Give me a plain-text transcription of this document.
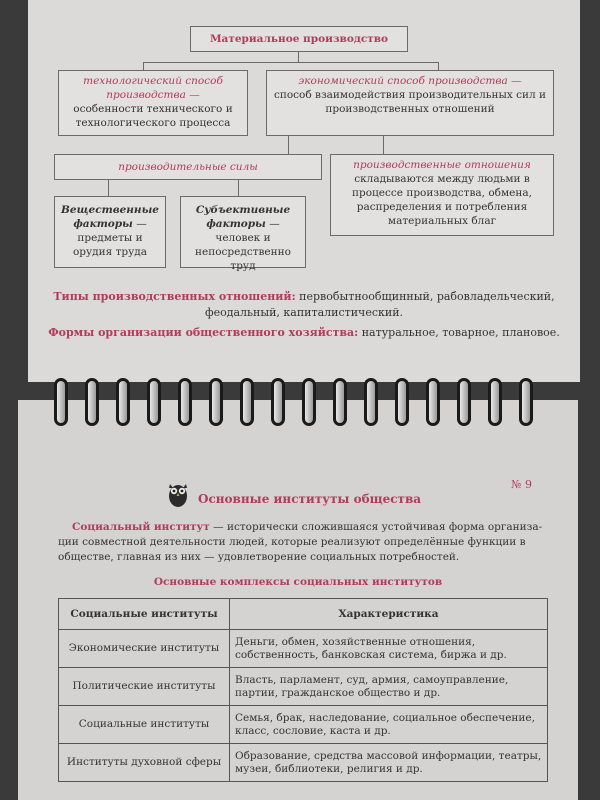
Материальное производство
технологический способ производства —
особенности технического и технологического процесса
экономический способ производства —
способ взаимодействия производительных сил и производственных отношений
производительные силы	производственные отношения
складываются между людьми в процессе производства, обмена, распределения и потребления материальных благ
Вещественные факторы — предметы и орудия труда
Субъективные факторы — человек и непосредственно труд
Типы производственных отношений: первобытнообщинный, рабовладельческий,
феодальный, капиталистический.
Формы организации общественного хозяйства: натуральное, товарное, плановое.
№ 9
Основные институты общества
Социальный институт — исторически сложившаяся устойчивая форма организа-
ции совместной деятельности людей, которые реализуют определённые функции в
обществе, главная из них — удовлетворение социальных потребностей.
Основные комплексы социальных институтов
Социальные институты	Характеристика
Экономические институты	Деньги, обмен, хозяйственные отношения, собственность, банковская система, биржа и др.
Политические институты	Власть, парламент, суд, армия, самоуправление, партии, гражданское общество и др.
Социальные институты	Семья, брак, наследование, социальное обеспечение, класс, сословие, каста и др.
Институты духовной сферы	Образование, средства массовой информации, театры, музеи, библиотеки, религия и др.
